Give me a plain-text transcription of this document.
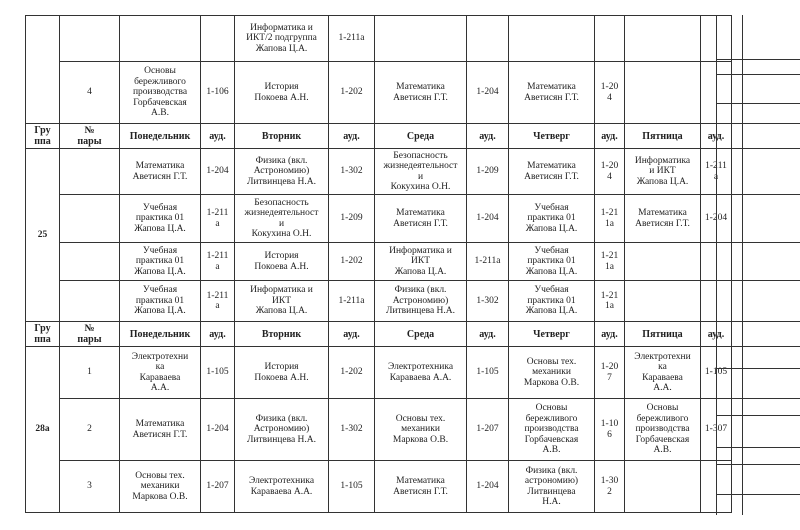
				Информатика и
ИКТ/2 подгруппа
Жапова Ц.А.	1-211а						
	4	Основы
бережливого
производства
Горбачевская
А.В.	1-106	История
Покоева А.Н.	1-202	Математика
Аветисян Г.Т.	1-204	Математика
Аветисян Г.Т.	1-20
4		
Гру
ппа	№
пары	Понедельник	ауд.	Вторник	ауд.	Среда	ауд.	Четверг	ауд.	Пятница	ауд.
25		Математика
Аветисян Г.Т.	1-204	Физика (вкл.
Астрономию)
Литвинцева Н.А.	1-302	Безопасность
жизнедеятельност
и
Кокухина О.Н.	1-209	Математика
Аветисян Г.Т.	1-20
4	Информатика
и ИКТ
Жапова Ц.А.	1-211
а
		Учебная
практика 01
Жапова Ц.А.	1-211
а	Безопасность
жизнедеятельност
и
Кокухина О.Н.	1-209	Математика
Аветисян Г.Т.	1-204	Учебная
практика 01
Жапова Ц.А.	1-21
1а	Математика
Аветисян Г.Т.	1-204
		Учебная
практика 01
Жапова Ц.А.	1-211
а	История
Покоева А.Н.	1-202	Информатика и
ИКТ
Жапова Ц.А.	1-211а	Учебная
практика 01
Жапова Ц.А.	1-21
1а		
		Учебная
практика 01
Жапова Ц.А.	1-211
а	Информатика и
ИКТ
Жапова Ц.А.	1-211а	Физика (вкл.
Астрономию)
Литвинцева Н.А.	1-302	Учебная
практика 01
Жапова Ц.А.	1-21
1а		
Гру
ппа	№
пары	Понедельник	ауд.	Вторник	ауд.	Среда	ауд.	Четверг	ауд.	Пятница	ауд.
28а	1	Электротехни
ка
Караваева
А.А.	1-105	История
Покоева А.Н.	1-202	Электротехника
Караваева А.А.	1-105	Основы тех.
механики
Маркова О.В.	1-20
7	Электротехни
ка
Караваева
А.А.	1-105
	2	Математика
Аветисян Г.Т.	1-204	Физика (вкл.
Астрономию)
Литвинцева Н.А.	1-302	Основы тех.
механики
Маркова О.В.	1-207	Основы
бережливого
производства
Горбачевская
А.В.	1-10
6	Основы
бережливого
производства
Горбачевская
А.В.	1-307
	3	Основы тех.
механики
Маркова О.В.	1-207	Электротехника
Караваева А.А.	1-105	Математика
Аветисян Г.Т.	1-204	Физика (вкл.
астрономию)
Литвинцева
Н.А.	1-30
2		
